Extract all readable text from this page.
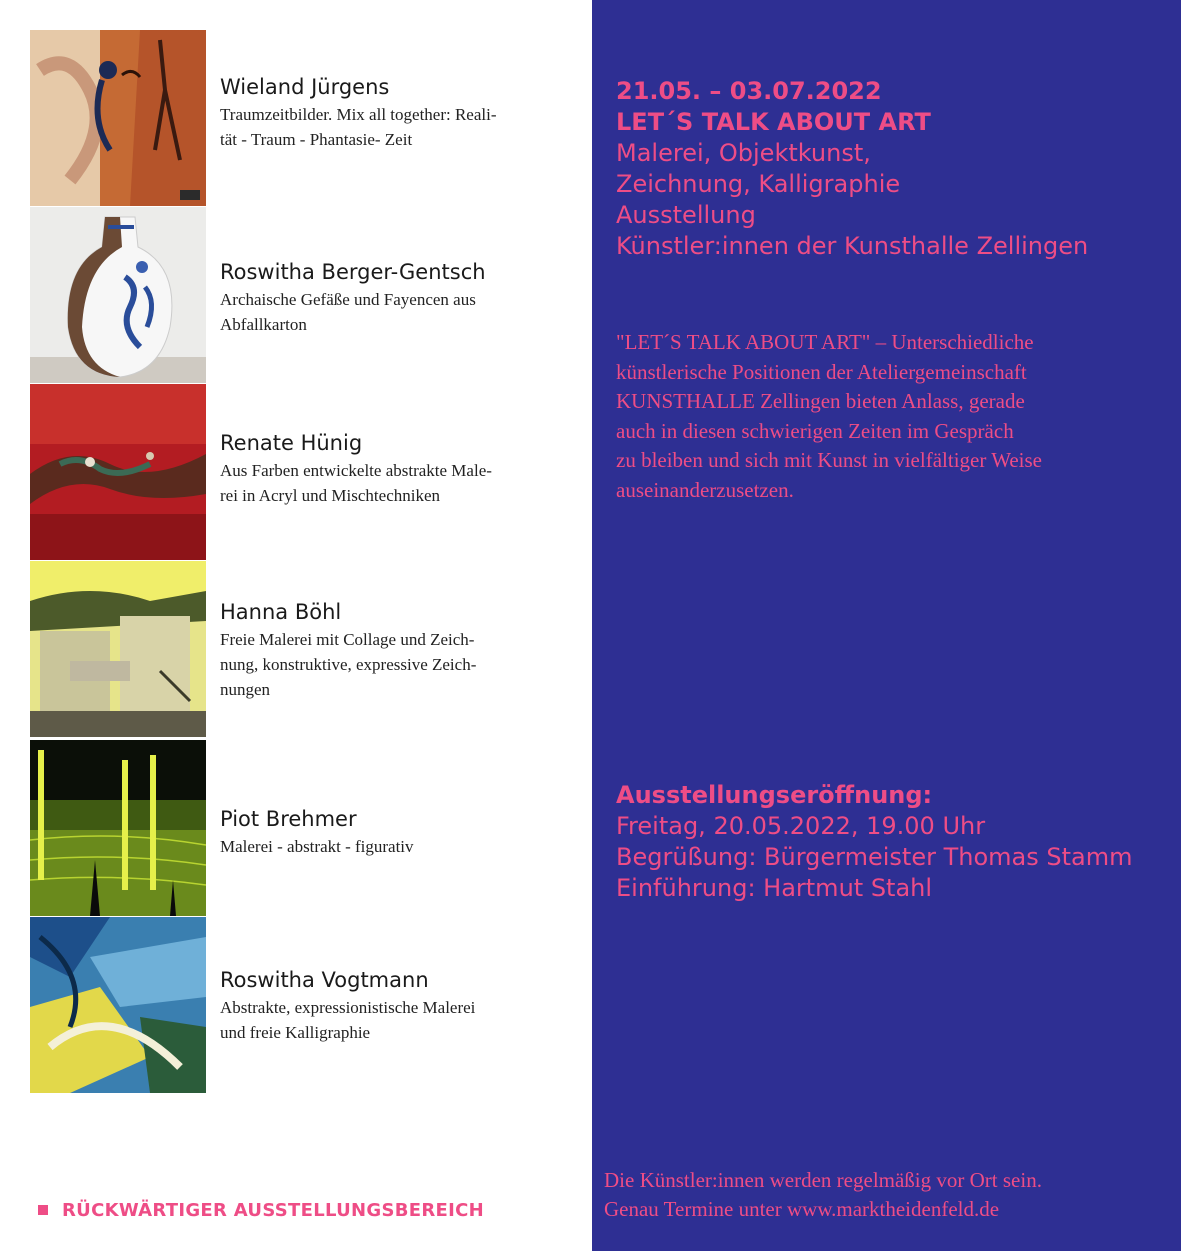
Wieland Jürgens
Traumzeitbilder. Mix all together: Reali-
tät - Traum - Phantasie- Zeit
Roswitha Berger-Gentsch
Archaische Gefäße und Fayencen aus
Abfallkarton
Renate Hünig
Aus Farben entwickelte abstrakte Male-
rei in Acryl und Mischtechniken
Hanna Böhl
Freie Malerei mit Collage und Zeich-
nung, konstruktive, expressive Zeich-
nungen
Piot Brehmer
Malerei - abstrakt - figurativ
Roswitha Vogtmann
Abstrakte, expressionistische Malerei
und freie Kalligraphie
RÜCKWÄRTIGER AUSSTELLUNGSBEREICH
21.05. – 03.07.2022
LET´S TALK ABOUT ART
Malerei, Objektkunst,
Zeichnung, Kalligraphie
Ausstellung
Künstler:innen der Kunsthalle Zellingen
"LET´S TALK ABOUT ART" – Unterschiedliche
künstlerische Positionen der Ateliergemeinschaft
KUNSTHALLE Zellingen bieten Anlass, gerade
auch in diesen schwierigen Zeiten im Gespräch
zu bleiben und sich mit Kunst in vielfältiger Weise
auseinanderzusetzen.
Ausstellungseröffnung:
Freitag, 20.05.2022, 19.00 Uhr
Begrüßung: Bürgermeister Thomas Stamm
Einführung: Hartmut Stahl
Die Künstler:innen werden regelmäßig vor Ort sein.
Genau Termine unter www.marktheidenfeld.de
